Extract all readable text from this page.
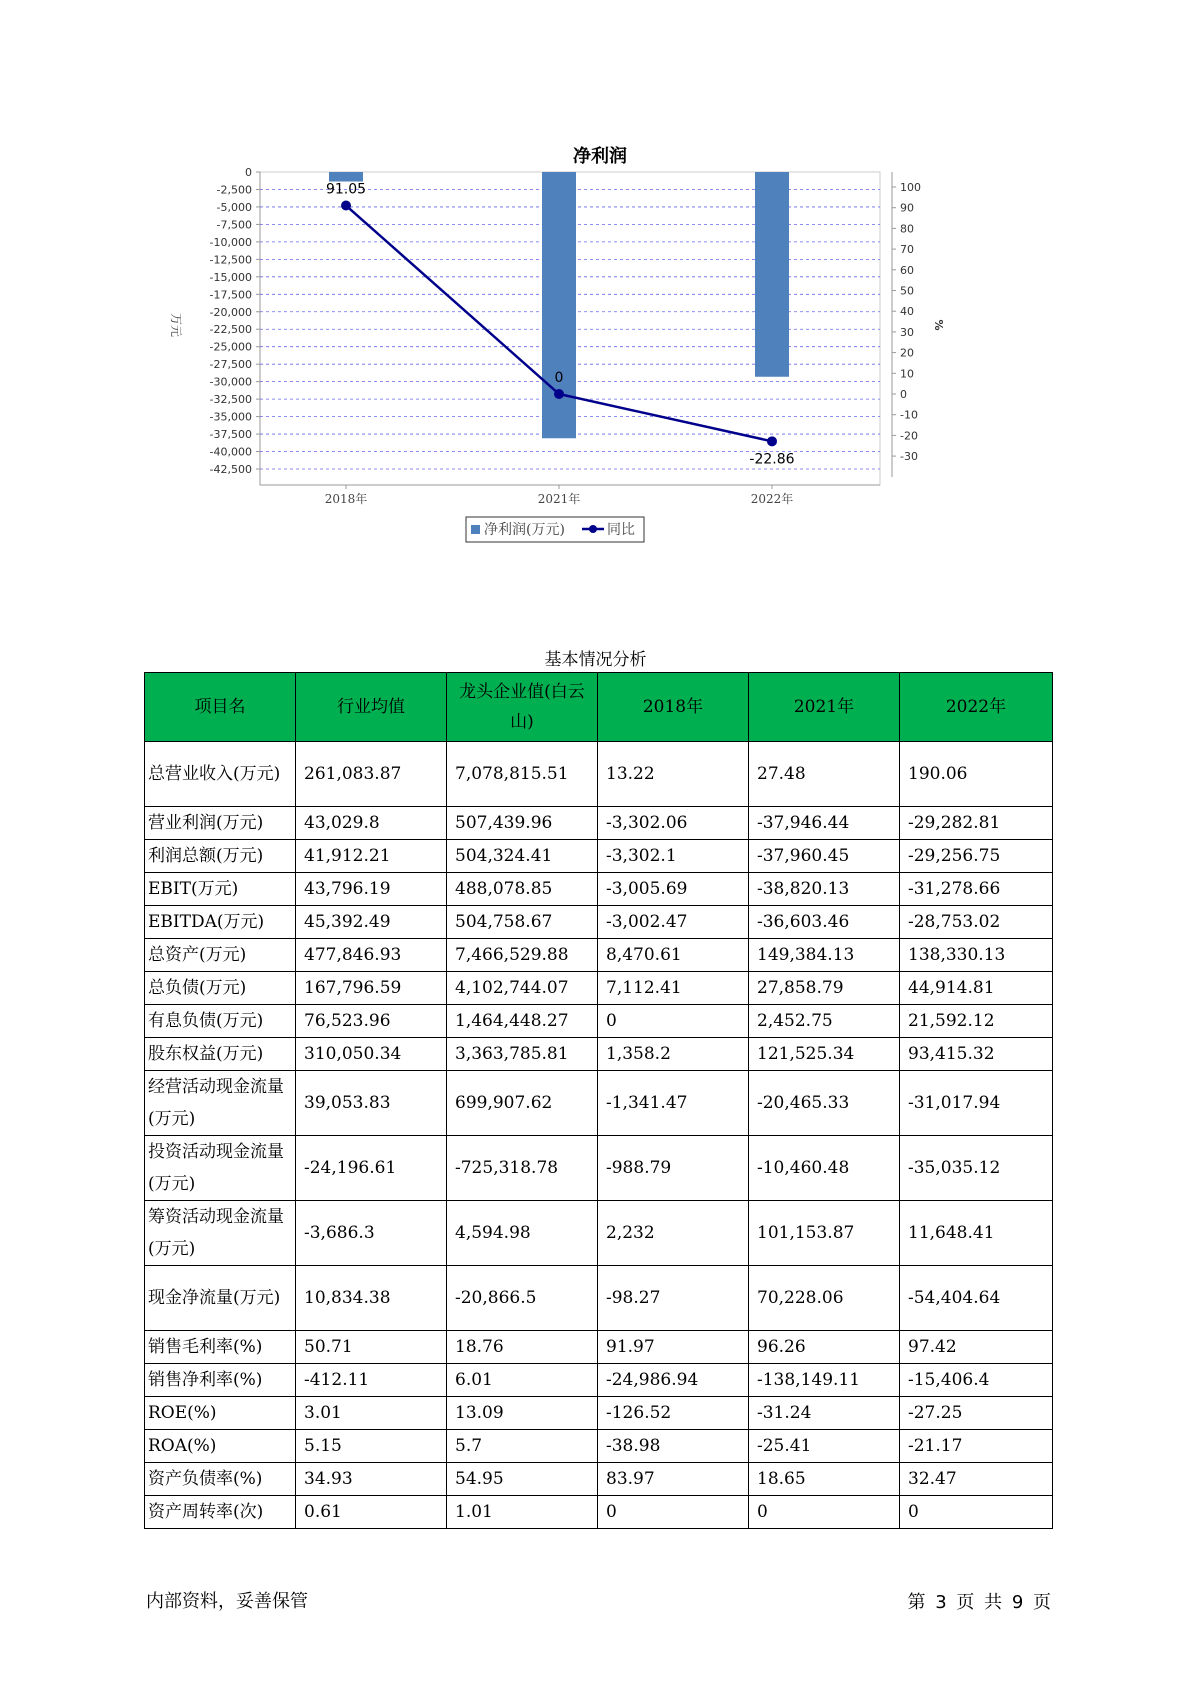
净利润
0
-2,500
-5,000
-7,500
-10,000
-12,500
-15,000
-17,500
-20,000
-22,500
-25,000
-27,500
-30,000
-32,500
-35,000
-37,500
-40,000
-42,500
100
90
80
70
60
50
40
30
20
10
0
-10
-20
-30
万元	%
2018年	2021年	2022年
91.05
0
-22.86
净利润(万元)	同比
基本情况分析
项目名	行业均值	龙头企业值(白云山)	2018年	2021年	2022年
总营业收入(万元)	261,083.87	7,078,815.51	13.22	27.48	190.06
营业利润(万元)	43,029.8	507,439.96	-3,302.06	-37,946.44	-29,282.81
利润总额(万元)	41,912.21	504,324.41	-3,302.1	-37,960.45	-29,256.75
EBIT(万元)	43,796.19	488,078.85	-3,005.69	-38,820.13	-31,278.66
EBITDA(万元)	45,392.49	504,758.67	-3,002.47	-36,603.46	-28,753.02
总资产(万元)	477,846.93	7,466,529.88	8,470.61	149,384.13	138,330.13
总负债(万元)	167,796.59	4,102,744.07	7,112.41	27,858.79	44,914.81
有息负债(万元)	76,523.96	1,464,448.27	0	2,452.75	21,592.12
股东权益(万元)	310,050.34	3,363,785.81	1,358.2	121,525.34	93,415.32
经营活动现金流量(万元)	39,053.83	699,907.62	-1,341.47	-20,465.33	-31,017.94
投资活动现金流量(万元)	-24,196.61	-725,318.78	-988.79	-10,460.48	-35,035.12
筹资活动现金流量(万元)	-3,686.3	4,594.98	2,232	101,153.87	11,648.41
现金净流量(万元)	10,834.38	-20,866.5	-98.27	70,228.06	-54,404.64
销售毛利率(%)	50.71	18.76	91.97	96.26	97.42
销售净利率(%)	-412.11	6.01	-24,986.94	-138,149.11	-15,406.4
ROE(%)	3.01	13.09	-126.52	-31.24	-27.25
ROA(%)	5.15	5.7	-38.98	-25.41	-21.17
资产负债率(%)	34.93	54.95	83.97	18.65	32.47
资产周转率(次)	0.61	1.01	0	0	0
内部资料，妥善保管	第 3 页 共 9 页
